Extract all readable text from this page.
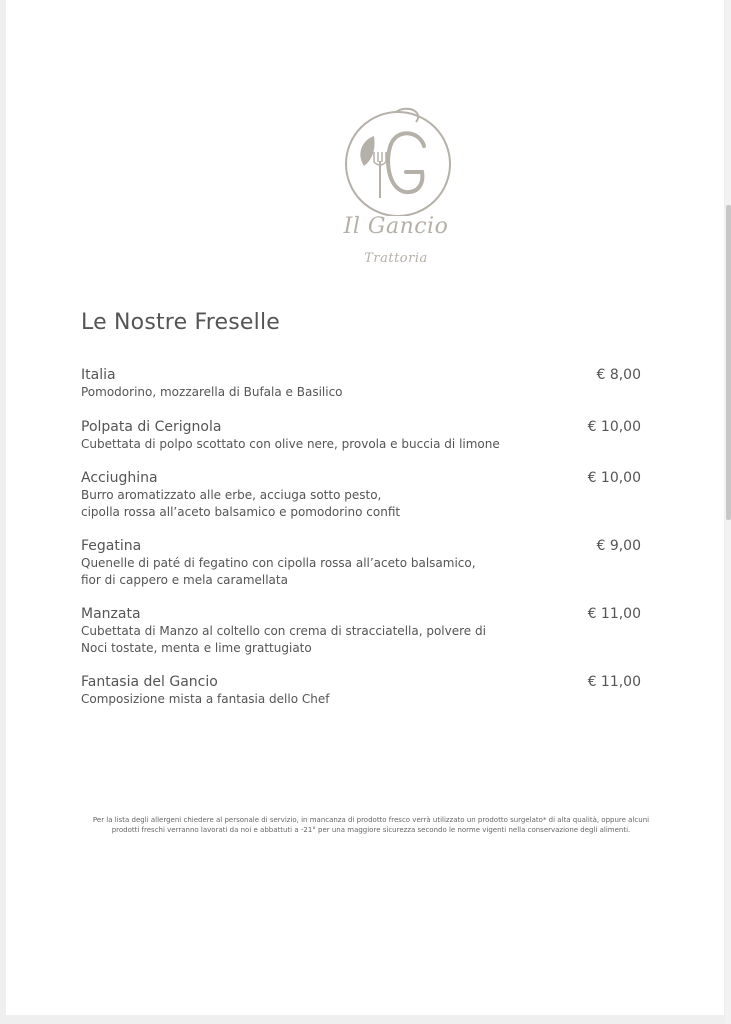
Il Gancio
Trattoria
Le Nostre Freselle
Italia
Pomodorino, mozzarella di Bufala e Basilico
€ 8,00
Polpata di Cerignola
Cubettata di polpo scottato con olive nere, provola e buccia di limone
€ 10,00
Acciughina
Burro aromatizzato alle erbe, acciuga sotto pesto,
cipolla rossa all’aceto balsamico e pomodorino confit
€ 10,00
Fegatina
Quenelle di paté di fegatino con cipolla rossa all’aceto balsamico,
fior di cappero e mela caramellata
€ 9,00
Manzata
Cubettata di Manzo al coltello con crema di stracciatella, polvere di
Noci tostate, menta e lime grattugiato
€ 11,00
Fantasia del Gancio
Composizione mista a fantasia dello Chef
€ 11,00

Per la lista degli allergeni chiedere al personale di servizio, in mancanza di prodotto fresco verrà utilizzato un prodotto surgelato* di alta qualità, oppure alcuni prodotti freschi verranno lavorati da noi e abbattuti a -21° per una maggiore sicurezza secondo le norme vigenti nella conservazione degli alimenti.
